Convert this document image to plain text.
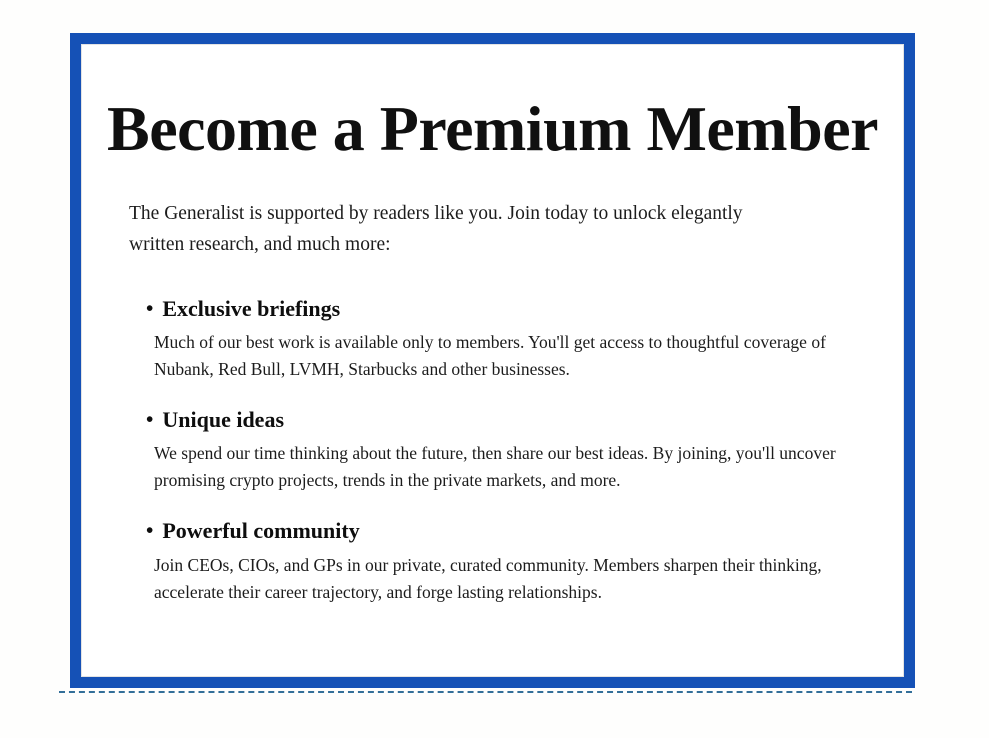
Become a Premium Member

The Generalist is supported by readers like you. Join today to unlock elegantly written research, and much more:

• Exclusive briefings

Much of our best work is available only to members. You'll get access to thoughtful coverage of Nubank, Red Bull, LVMH, Starbucks and other businesses.

• Unique ideas

We spend our time thinking about the future, then share our best ideas. By joining, you'll uncover promising crypto projects, trends in the private markets, and more.

• Powerful community

Join CEOs, CIOs, and GPs in our private, curated community. Members sharpen their thinking, accelerate their career trajectory, and forge lasting relationships.
